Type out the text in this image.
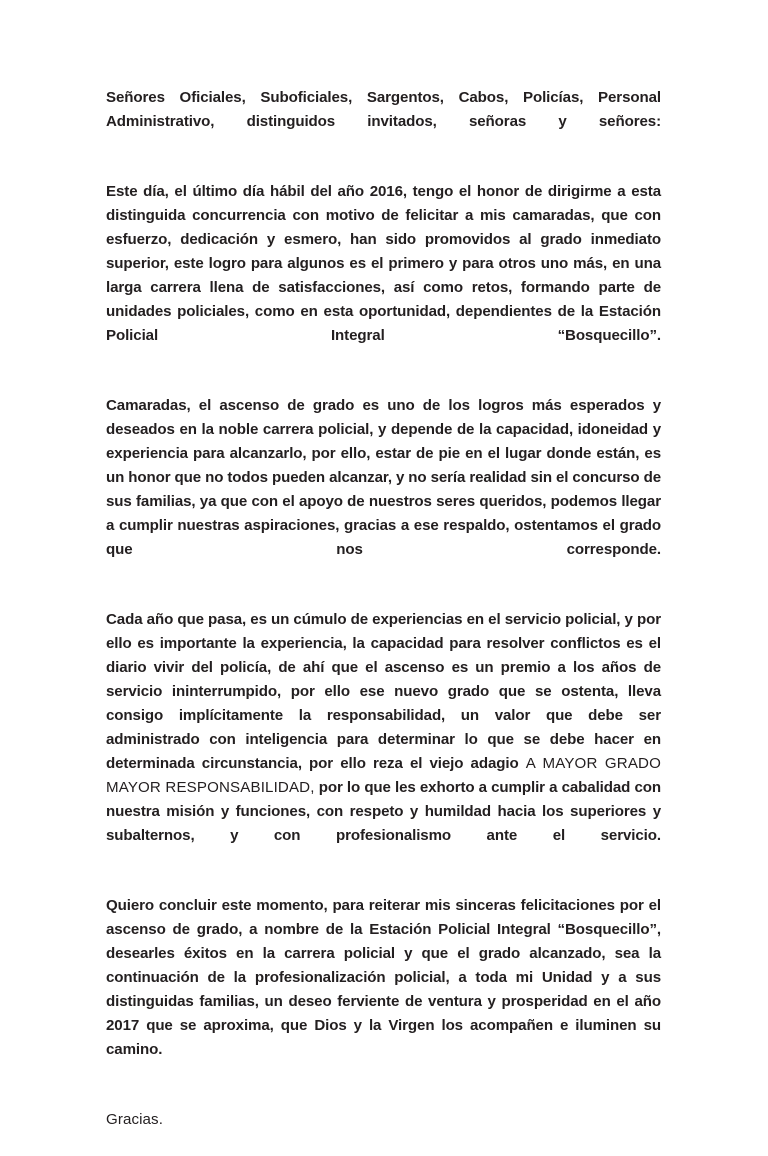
Señores Oficiales, Suboficiales, Sargentos, Cabos, Policías, Personal Administrativo, distinguidos invitados, señoras y señores:

Este día, el último día hábil del año 2016, tengo el honor de dirigirme a esta distinguida concurrencia con motivo de felicitar a mis camaradas, que con esfuerzo, dedicación y esmero, han sido promovidos al grado inmediato superior, este logro para algunos es el primero y para otros uno más, en una larga carrera llena de satisfacciones, así como retos, formando parte de unidades policiales, como en esta oportunidad, dependientes de la Estación Policial Integral “Bosquecillo”.

Camaradas, el ascenso de grado es uno de los logros más esperados y deseados en la noble carrera policial, y depende de la capacidad, idoneidad y experiencia para alcanzarlo, por ello, estar de pie en el lugar donde están, es un honor que no todos pueden alcanzar, y no sería realidad sin el concurso de sus familias, ya que con el apoyo de nuestros seres queridos, podemos llegar a cumplir nuestras aspiraciones, gracias a ese respaldo, ostentamos el grado que nos corresponde.

Cada año que pasa, es un cúmulo de experiencias en el servicio policial, y por ello es importante la experiencia, la capacidad para resolver conflictos es el diario vivir del policía, de ahí que el ascenso es un premio a los años de servicio ininterrumpido, por ello ese nuevo grado que se ostenta, lleva consigo implícitamente la responsabilidad, un valor que debe ser administrado con inteligencia para determinar lo que se debe hacer en determinada circunstancia, por ello reza el viejo adagio A MAYOR GRADO MAYOR RESPONSABILIDAD, por lo que les exhorto a cumplir a cabalidad con nuestra misión y funciones, con respeto y humildad hacia los superiores y subalternos, y con profesionalismo ante el servicio.

Quiero concluir este momento, para reiterar mis sinceras felicitaciones por el ascenso de grado, a nombre de la Estación Policial Integral “Bosquecillo”, desearles éxitos en la carrera policial y que el grado alcanzado, sea la continuación de la profesionalización policial, a toda mi Unidad y a sus distinguidas familias, un deseo ferviente de ventura y prosperidad en el año 2017 que se aproxima, que Dios y la Virgen los acompañen e iluminen su camino.

Gracias.
